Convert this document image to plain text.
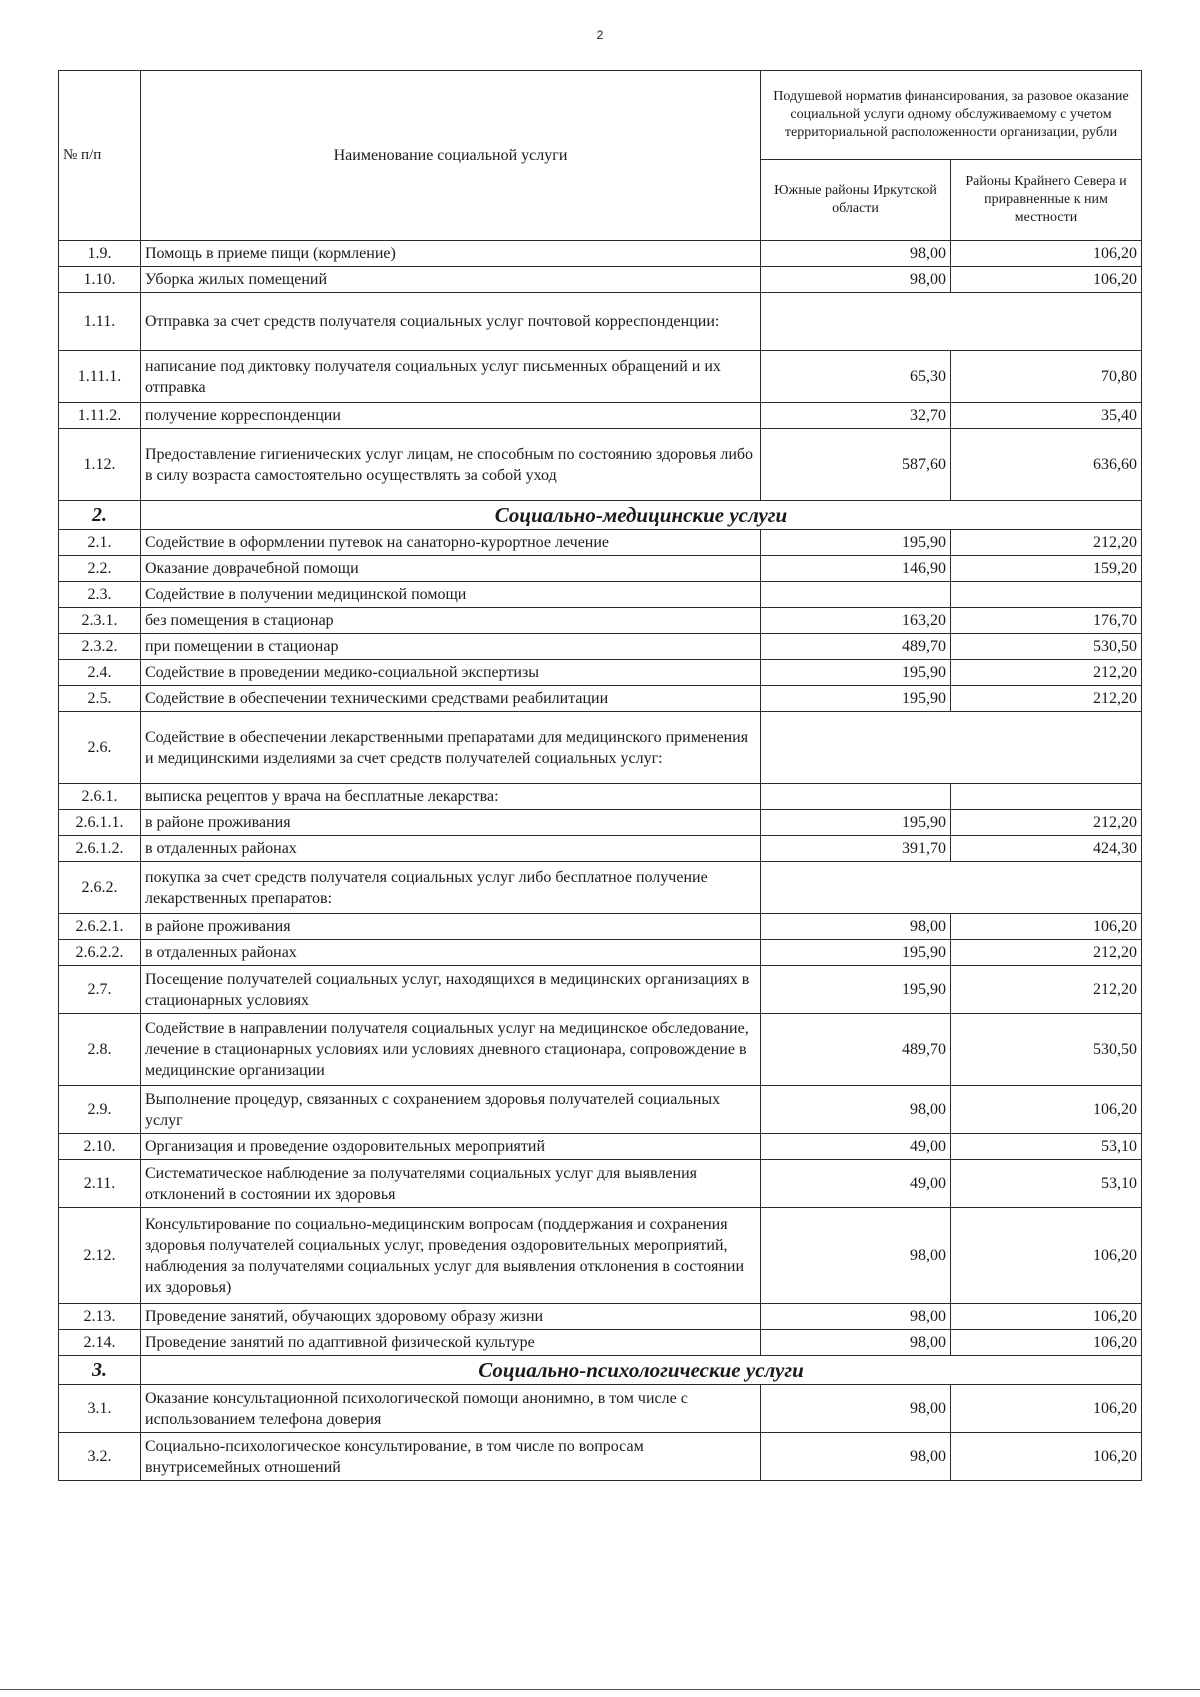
2
№ п/п	Наименование социальной услуги	Подушевой норматив финансирования, за разовое оказание социальной услуги одному обслуживаемому с учетом территориальной расположенности организации, рубли	
		Южные районы Иркутской области	Районы Крайнего Севера и приравненные к ним местности
1.9.	Помощь в приеме пищи (кормление)	98,00	106,20
1.10.	Уборка жилых помещений	98,00	106,20
1.11.	Отправка за счет средств получателя социальных услуг почтовой корреспонденции:		
1.11.1.	написание под диктовку получателя социальных услуг письменных обращений и их отправка	65,30	70,80
1.11.2.	получение корреспонденции	32,70	35,40
1.12.	Предоставление гигиенических услуг лицам, не способным по состоянию здоровья либо в силу возраста самостоятельно осуществлять за собой уход	587,60	636,60
2.	Социально-медицинские услуги		
2.1.	Содействие в оформлении путевок на санаторно-курортное лечение	195,90	212,20
2.2.	Оказание доврачебной помощи	146,90	159,20
2.3.	Содействие в получении медицинской помощи		
2.3.1.	без помещения в стационар	163,20	176,70
2.3.2.	при помещении в стационар	489,70	530,50
2.4.	Содействие в проведении медико-социальной экспертизы	195,90	212,20
2.5.	Содействие в обеспечении техническими средствами реабилитации	195,90	212,20
2.6.	Содействие в обеспечении лекарственными препаратами для медицинского применения и медицинскими изделиями за счет средств получателей социальных услуг:		
2.6.1.	выписка рецептов у врача на бесплатные лекарства:		
2.6.1.1.	в районе проживания	195,90	212,20
2.6.1.2.	в отдаленных районах	391,70	424,30
2.6.2.	покупка за счет средств получателя социальных услуг либо бесплатное получение лекарственных препаратов:		
2.6.2.1.	в районе проживания	98,00	106,20
2.6.2.2.	в отдаленных районах	195,90	212,20
2.7.	Посещение получателей социальных услуг, находящихся в медицинских организациях в стационарных условиях	195,90	212,20
2.8.	Содействие в направлении получателя социальных услуг на медицинское обследование, лечение в стационарных условиях или условиях дневного стационара, сопровождение в медицинские организации	489,70	530,50
2.9.	Выполнение процедур, связанных с сохранением здоровья получателей социальных услуг	98,00	106,20
2.10.	Организация и проведение оздоровительных мероприятий	49,00	53,10
2.11.	Систематическое наблюдение за получателями социальных услуг для выявления отклонений в состоянии их здоровья	49,00	53,10
2.12.	Консультирование по социально-медицинским вопросам (поддержания и сохранения здоровья получателей социальных услуг, проведения оздоровительных мероприятий, наблюдения за получателями социальных услуг для выявления отклонения в состоянии их здоровья)	98,00	106,20
2.13.	Проведение занятий, обучающих здоровому образу жизни	98,00	106,20
2.14.	Проведение занятий по адаптивной физической культуре	98,00	106,20
3.	Социально-психологические услуги		
3.1.	Оказание консультационной психологической помощи анонимно, в том числе с использованием телефона доверия	98,00	106,20
3.2.	Социально-психологическое консультирование, в том числе по вопросам внутрисемейных отношений	98,00	106,20
